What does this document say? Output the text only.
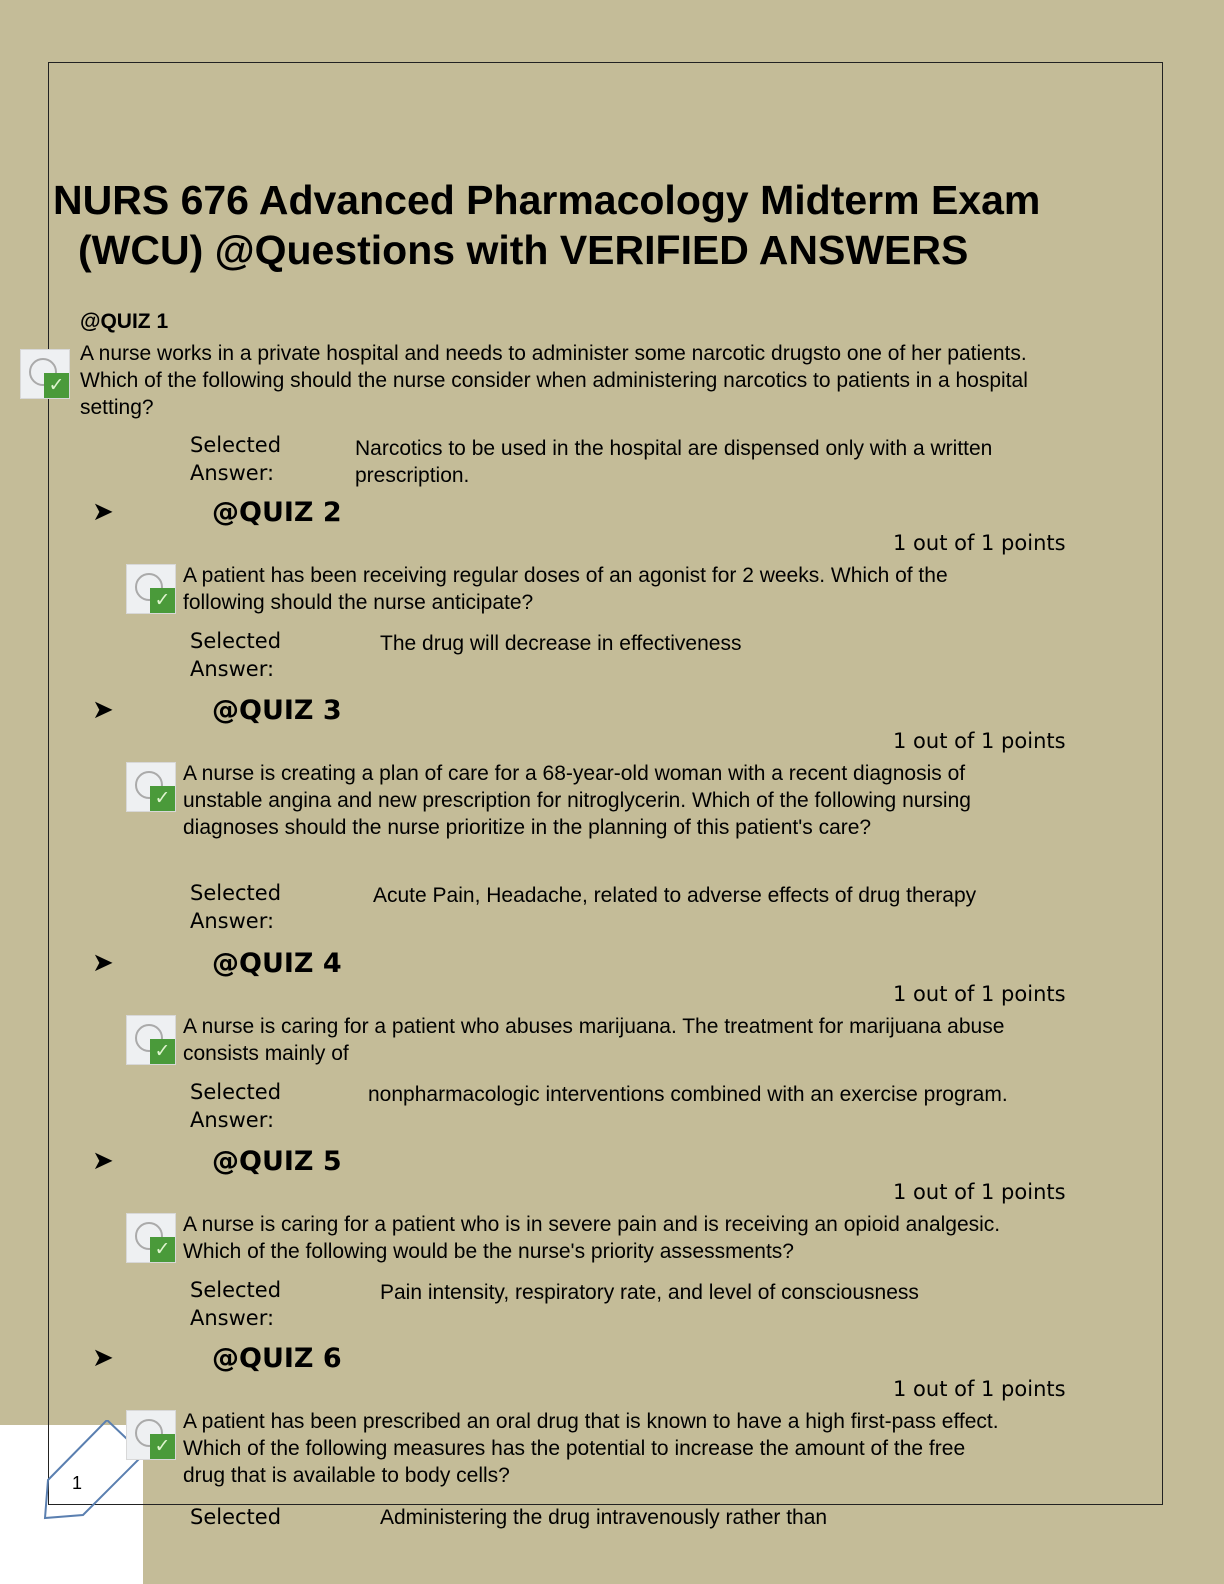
1
NURS 676 Advanced Pharmacology Midterm Exam
(WCU) @Questions with VERIFIED ANSWERS
@QUIZ 1
✓
A nurse works in a private hospital and needs to administer some narcotic drugsto one of her patients. Which of the following should the nurse consider when administering narcotics to patients in a hospital setting?
Selected
Answer:
Narcotics to be used in the hospital are dispensed only with a written prescription.
➤	@QUIZ 2
1 out of 1 points
✓
A patient has been receiving regular doses of an agonist for 2 weeks. Which of the following should the nurse anticipate?
Selected
Answer:
The drug will decrease in effectiveness
➤	@QUIZ 3
1 out of 1 points
✓
A nurse is creating a plan of care for a 68-year-old woman with a recent diagnosis of unstable angina and new prescription for nitroglycerin. Which of the following nursing diagnoses should the nurse prioritize in the planning of this patient's care?
Selected
Answer:
Acute Pain, Headache, related to adverse effects of drug therapy
➤	@QUIZ 4
1 out of 1 points
✓
A nurse is caring for a patient who abuses marijuana. The treatment for marijuana abuse consists mainly of
Selected
Answer:
nonpharmacologic interventions combined with an exercise program.
➤	@QUIZ 5
1 out of 1 points
✓
A nurse is caring for a patient who is in severe pain and is receiving an opioid analgesic. Which of the following would be the nurse's priority assessments?
Selected
Answer:
Pain intensity, respiratory rate, and level of consciousness
➤	@QUIZ 6
1 out of 1 points
✓
A patient has been prescribed an oral drug that is known to have a high first-pass effect. Which of the following measures has the potential to increase the amount of the free drug that is available to body cells?
Selected	Administering the drug intravenously rather than
